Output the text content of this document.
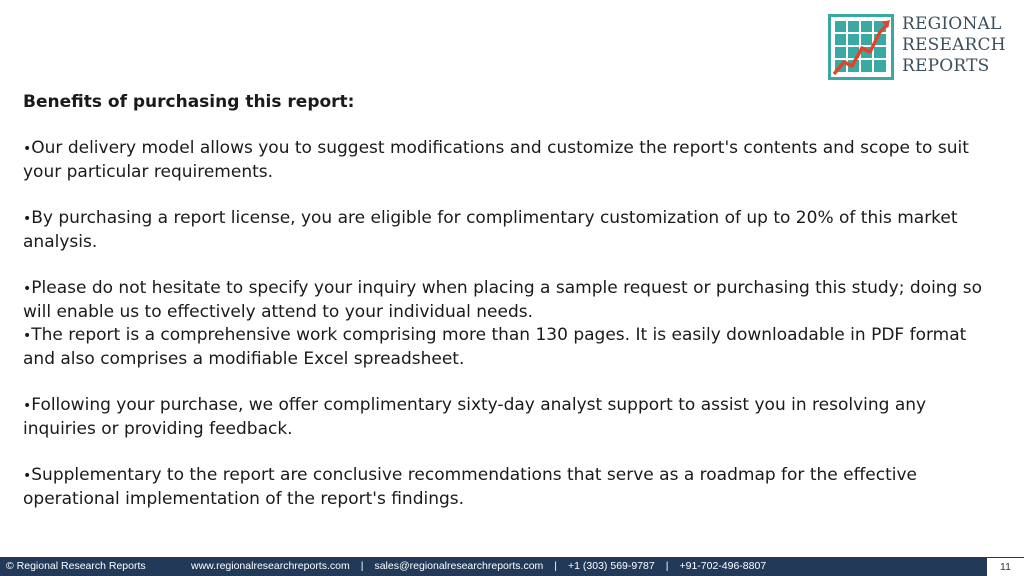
REGIONAL
RESEARCH
REPORTS

Benefits of purchasing this report:

•Our delivery model allows you to suggest modifications and customize the report's contents and scope to suit your particular requirements.

•By purchasing a report license, you are eligible for complimentary customization of up to 20% of this market analysis.

•Please do not hesitate to specify your inquiry when placing a sample request or purchasing this study; doing so will enable us to effectively attend to your individual needs.

•The report is a comprehensive work comprising more than 130 pages. It is easily downloadable in PDF format and also comprises a modifiable Excel spreadsheet.

•Following your purchase, we offer complimentary sixty-day analyst support to assist you in resolving any inquiries or providing feedback.

•Supplementary to the report are conclusive recommendations that serve as a roadmap for the effective operational implementation of the report's findings.

© Regional Research Reports	www.regionalresearchreports.com | sales@regionalresearchreports.com | +1 (303) 569-9787 | +91-702-496-8807	11
